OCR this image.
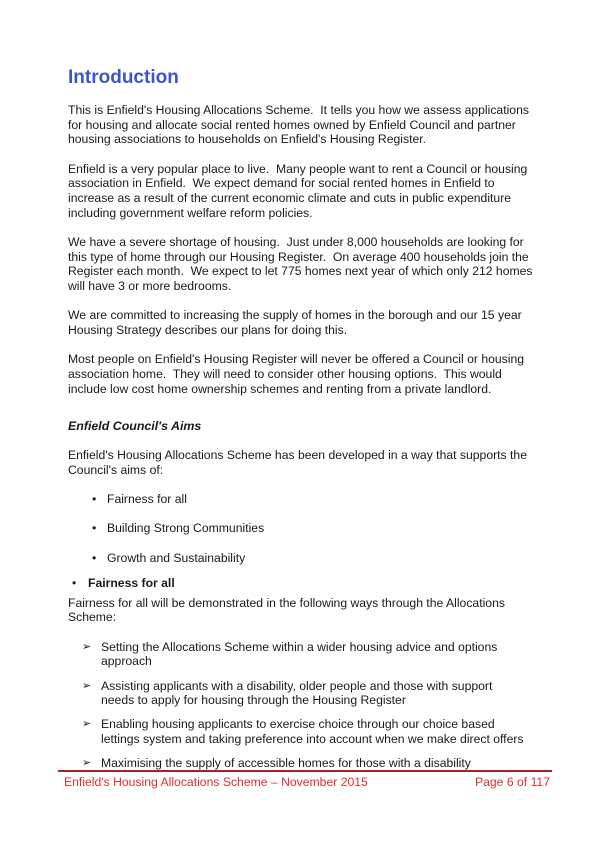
Introduction

This is Enfield's Housing Allocations Scheme.  It tells you how we assess applications for housing and allocate social rented homes owned by Enfield Council and partner housing associations to households on Enfield's Housing Register.

Enfield is a very popular place to live.  Many people want to rent a Council or housing association in Enfield.  We expect demand for social rented homes in Enfield to increase as a result of the current economic climate and cuts in public expenditure including government welfare reform policies.

We have a severe shortage of housing.  Just under 8,000 households are looking for this type of home through our Housing Register.  On average 400 households join the Register each month.  We expect to let 775 homes next year of which only 212 homes will have 3 or more bedrooms.

We are committed to increasing the supply of homes in the borough and our 15 year Housing Strategy describes our plans for doing this.

Most people on Enfield's Housing Register will never be offered a Council or housing association home.  They will need to consider other housing options.  This would include low cost home ownership schemes and renting from a private landlord.

Enfield Council's Aims

Enfield's Housing Allocations Scheme has been developed in a way that supports the Council's aims of:

• Fairness for all
• Building Strong Communities
• Growth and Sustainability
• Fairness for all

Fairness for all will be demonstrated in the following ways through the Allocations Scheme:

➢ Setting the Allocations Scheme within a wider housing advice and options approach
➢ Assisting applicants with a disability, older people and those with support needs to apply for housing through the Housing Register
➢ Enabling housing applicants to exercise choice through our choice based lettings system and taking preference into account when we make direct offers
➢ Maximising the supply of accessible homes for those with a disability
Enfield's Housing Allocations Scheme – November 2015	Page 6 of 117
